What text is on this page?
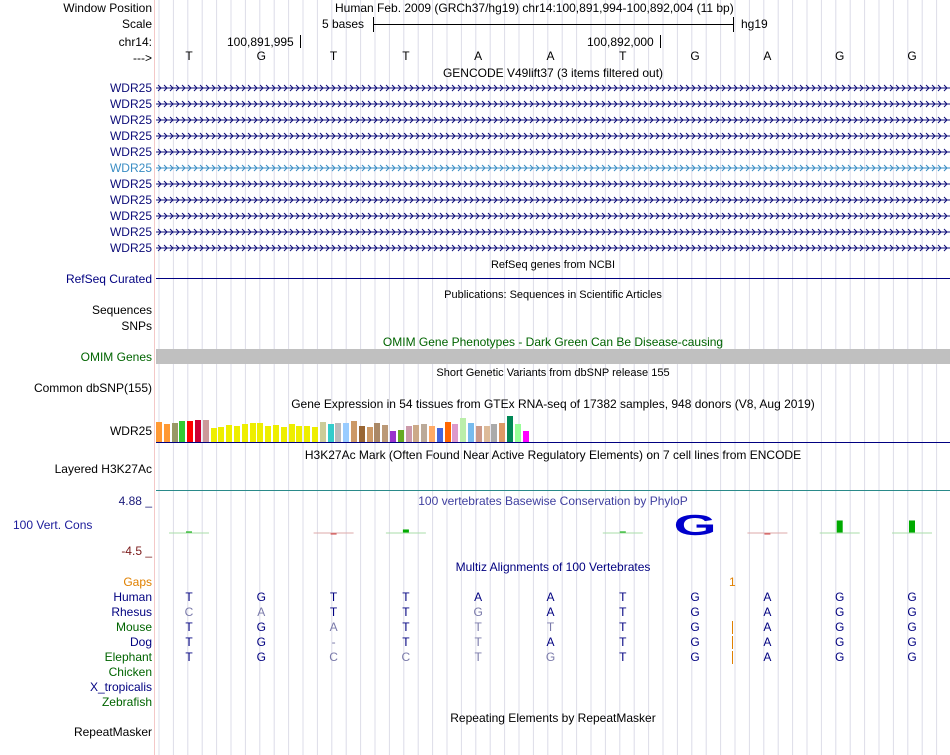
Window Position	Human Feb. 2009 (GRCh37/hg19) chr14:100,891,994-100,892,004 (11 bp)
Scale	5 bases	hg19
chr14:	100,891,995	100,892,000
--->	T	G	T	T	A	A	T	G	A	G	G
GENCODE V49lift37 (3 items filtered out)
WDR25
WDR25
WDR25
WDR25
WDR25
WDR25
WDR25
WDR25
WDR25
WDR25
WDR25
RefSeq genes from NCBI
RefSeq Curated
Publications: Sequences in Scientific Articles
Sequences
SNPs
OMIM Gene Phenotypes - Dark Green Can Be Disease-causing
OMIM Genes
Short Genetic Variants from dbSNP release 155
Common dbSNP(155)
Gene Expression in 54 tissues from GTEx RNA-seq of 17382 samples, 948 donors (V8, Aug 2019)
WDR25
H3K27Ac Mark (Often Found Near Active Regulatory Elements) on 7 cell lines from ENCODE
Layered H3K27Ac
100 vertebrates Basewise Conservation by PhyloP
4.88 _
100 Vert. Cons
-4.5 _
G
Multiz Alignments of 100 Vertebrates
Gaps	1
Human	T	G	T	T	A	A	T	G	A	G	G
Rhesus	C	A	T	T	G	A	T	G	A	G	G
Mouse	T	G	A	T	T	T	T	G	A	G	G
Dog	T	G	-	T	T	A	T	G	A	G	G
Elephant	T	G	C	C	T	G	T	G	A	G	G
Chicken
X_tropicalis
Zebrafish
Repeating Elements by RepeatMasker
RepeatMasker
